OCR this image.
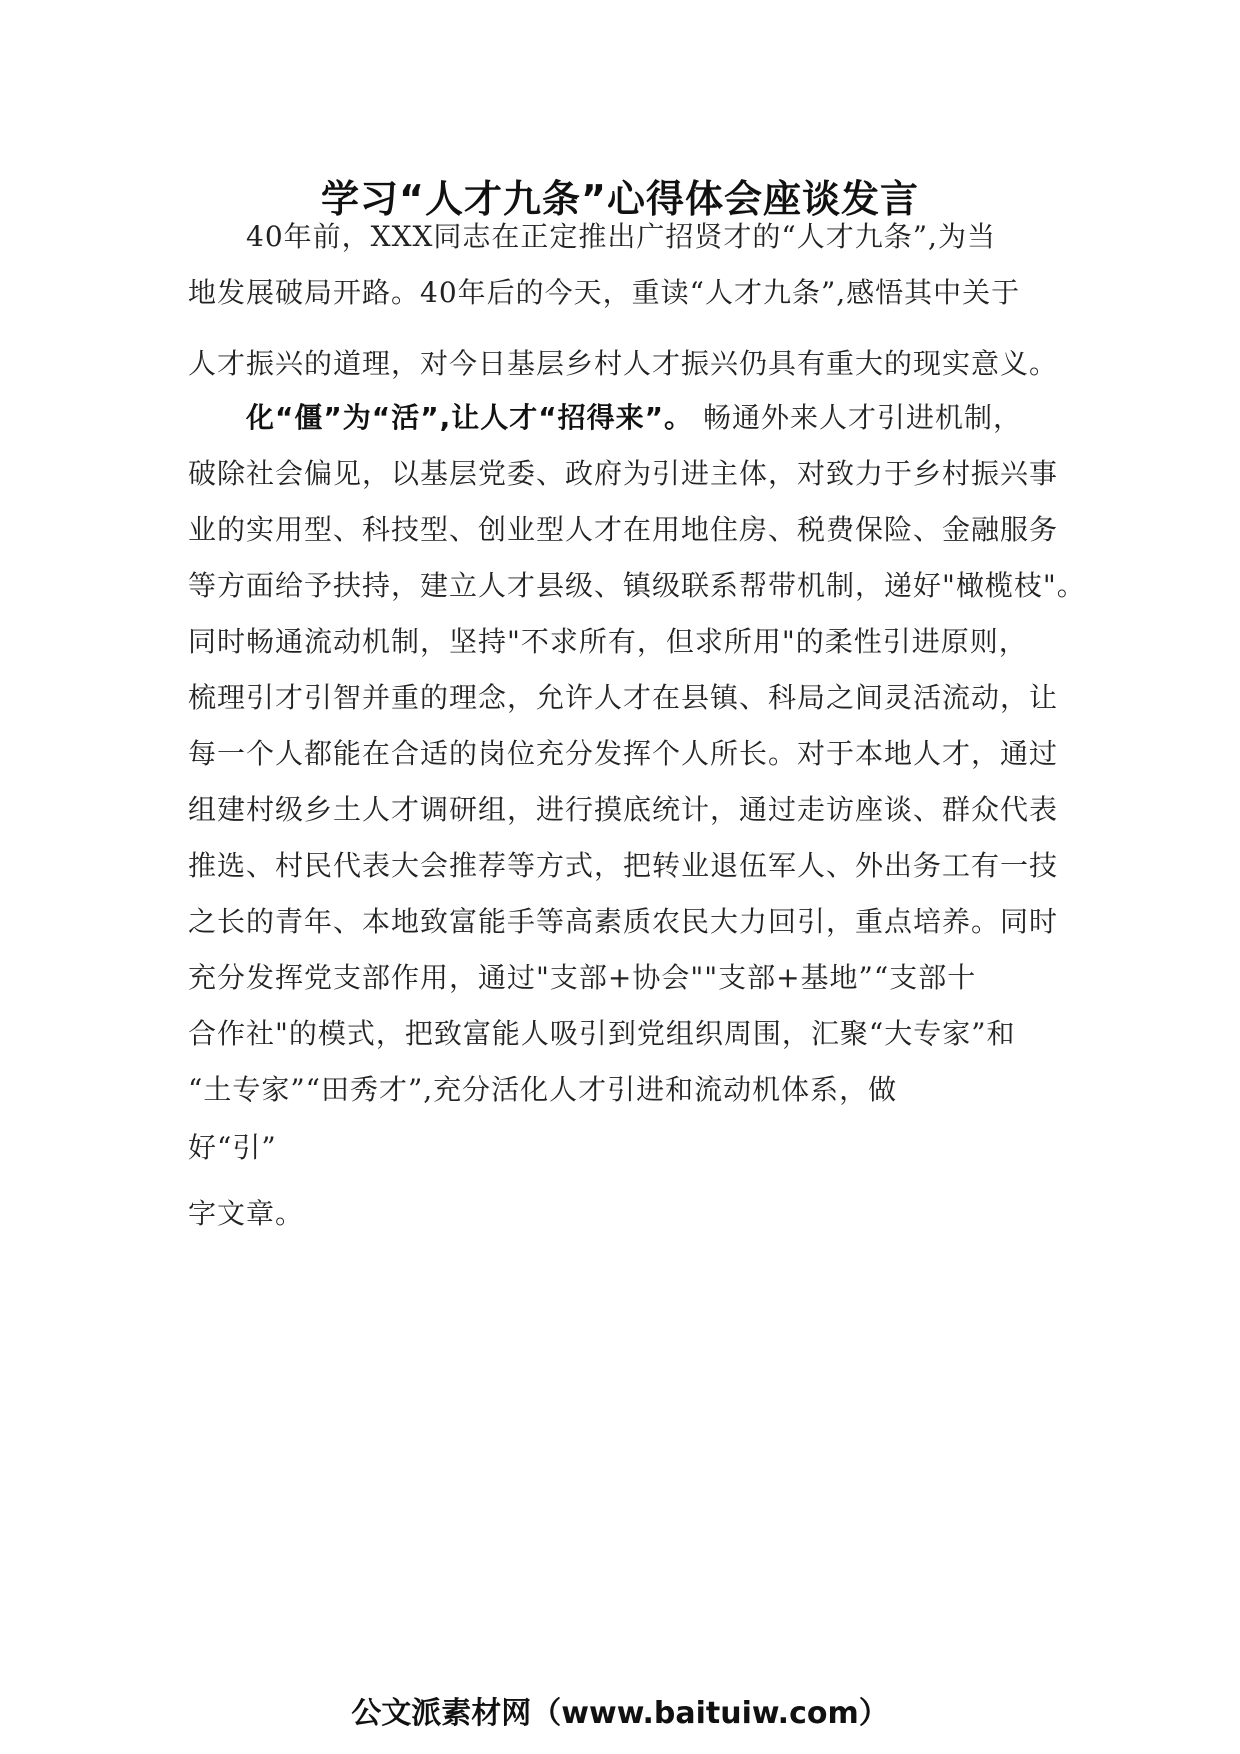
学习“人才九条”心得体会座谈发言
40年前，XXX同志在正定推出广招贤才的“人才九条”,为当
地发展破局开路。40年后的今天，重读“人才九条”,感悟其中关于
人才振兴的道理，对今日基层乡村人才振兴仍具有重大的现实意义。
化“僵”为“活”,让人才“招得来”。 畅通外来人才引进机制，
破除社会偏见，以基层党委、政府为引进主体，对致力于乡村振兴事
业的实用型、科技型、创业型人才在用地住房、税费保险、金融服务
等方面给予扶持，建立人才县级、镇级联系帮带机制，递好"橄榄枝"。
同时畅通流动机制，坚持"不求所有，但求所用"的柔性引进原则，
梳理引才引智并重的理念，允许人才在县镇、科局之间灵活流动，让
每一个人都能在合适的岗位充分发挥个人所长。对于本地人才，通过
组建村级乡土人才调研组，进行摸底统计，通过走访座谈、群众代表
推选、村民代表大会推荐等方式，把转业退伍军人、外出务工有一技
之长的青年、本地致富能手等高素质农民大力回引，重点培养。同时
充分发挥党支部作用，通过"支部+协会""支部+基地”“支部十
合作社"的模式，把致富能人吸引到党组织周围，汇聚“大专家”和
“土专家”“田秀才”,充分活化人才引进和流动机体系，做
好“引”
字文章。
公文派素材网（www.baituiw.com）
